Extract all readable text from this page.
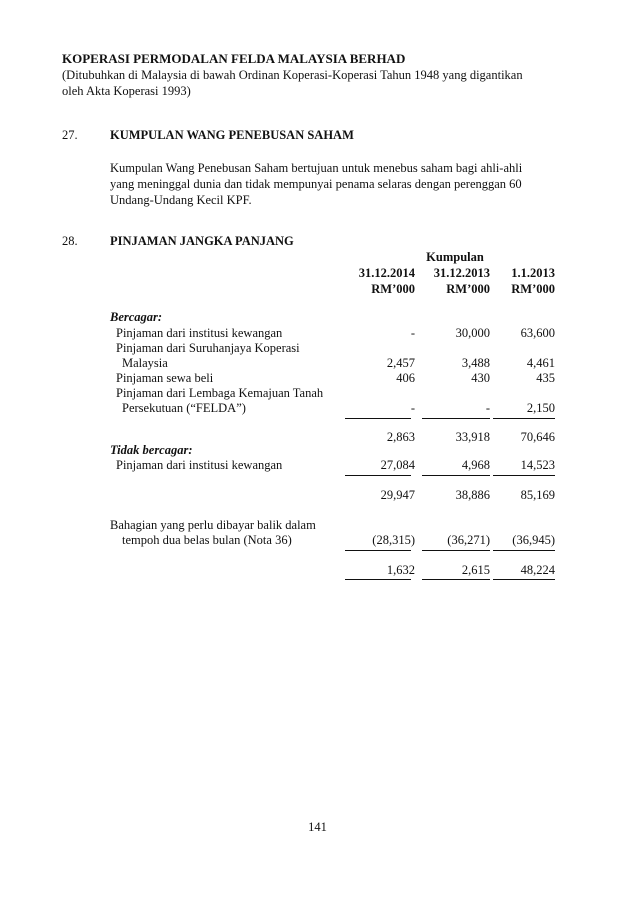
KOPERASI PERMODALAN FELDA MALAYSIA BERHAD
(Ditubuhkan di Malaysia di bawah Ordinan Koperasi-Koperasi Tahun 1948 yang digantikan
oleh Akta Koperasi 1993)
27.	KUMPULAN WANG PENEBUSAN SAHAM
Kumpulan Wang Penebusan Saham bertujuan untuk menebus saham bagi ahli-ahli
yang meninggal dunia dan tidak mempunyai penama selaras dengan perenggan 60
Undang-Undang Kecil KPF.
28.	PINJAMAN JANGKA PANJANG
Kumpulan
31.12.2014	31.12.2013	1.1.2013
RM’000	RM’000	RM’000
Bercagar:
Pinjaman dari institusi kewangan	-	30,000	63,600
Pinjaman dari Suruhanjaya Koperasi
Malaysia	2,457	3,488	4,461
Pinjaman sewa beli	406	430	435
Pinjaman dari Lembaga Kemajuan Tanah
Persekutuan (“FELDA”)	-	-	2,150
2,863	33,918	70,646
Tidak bercagar:
Pinjaman dari institusi kewangan	27,084	4,968	14,523
29,947	38,886	85,169
Bahagian yang perlu dibayar balik dalam
tempoh dua belas bulan (Nota 36)	(28,315)	(36,271)	(36,945)
1,632	2,615	48,224
141
